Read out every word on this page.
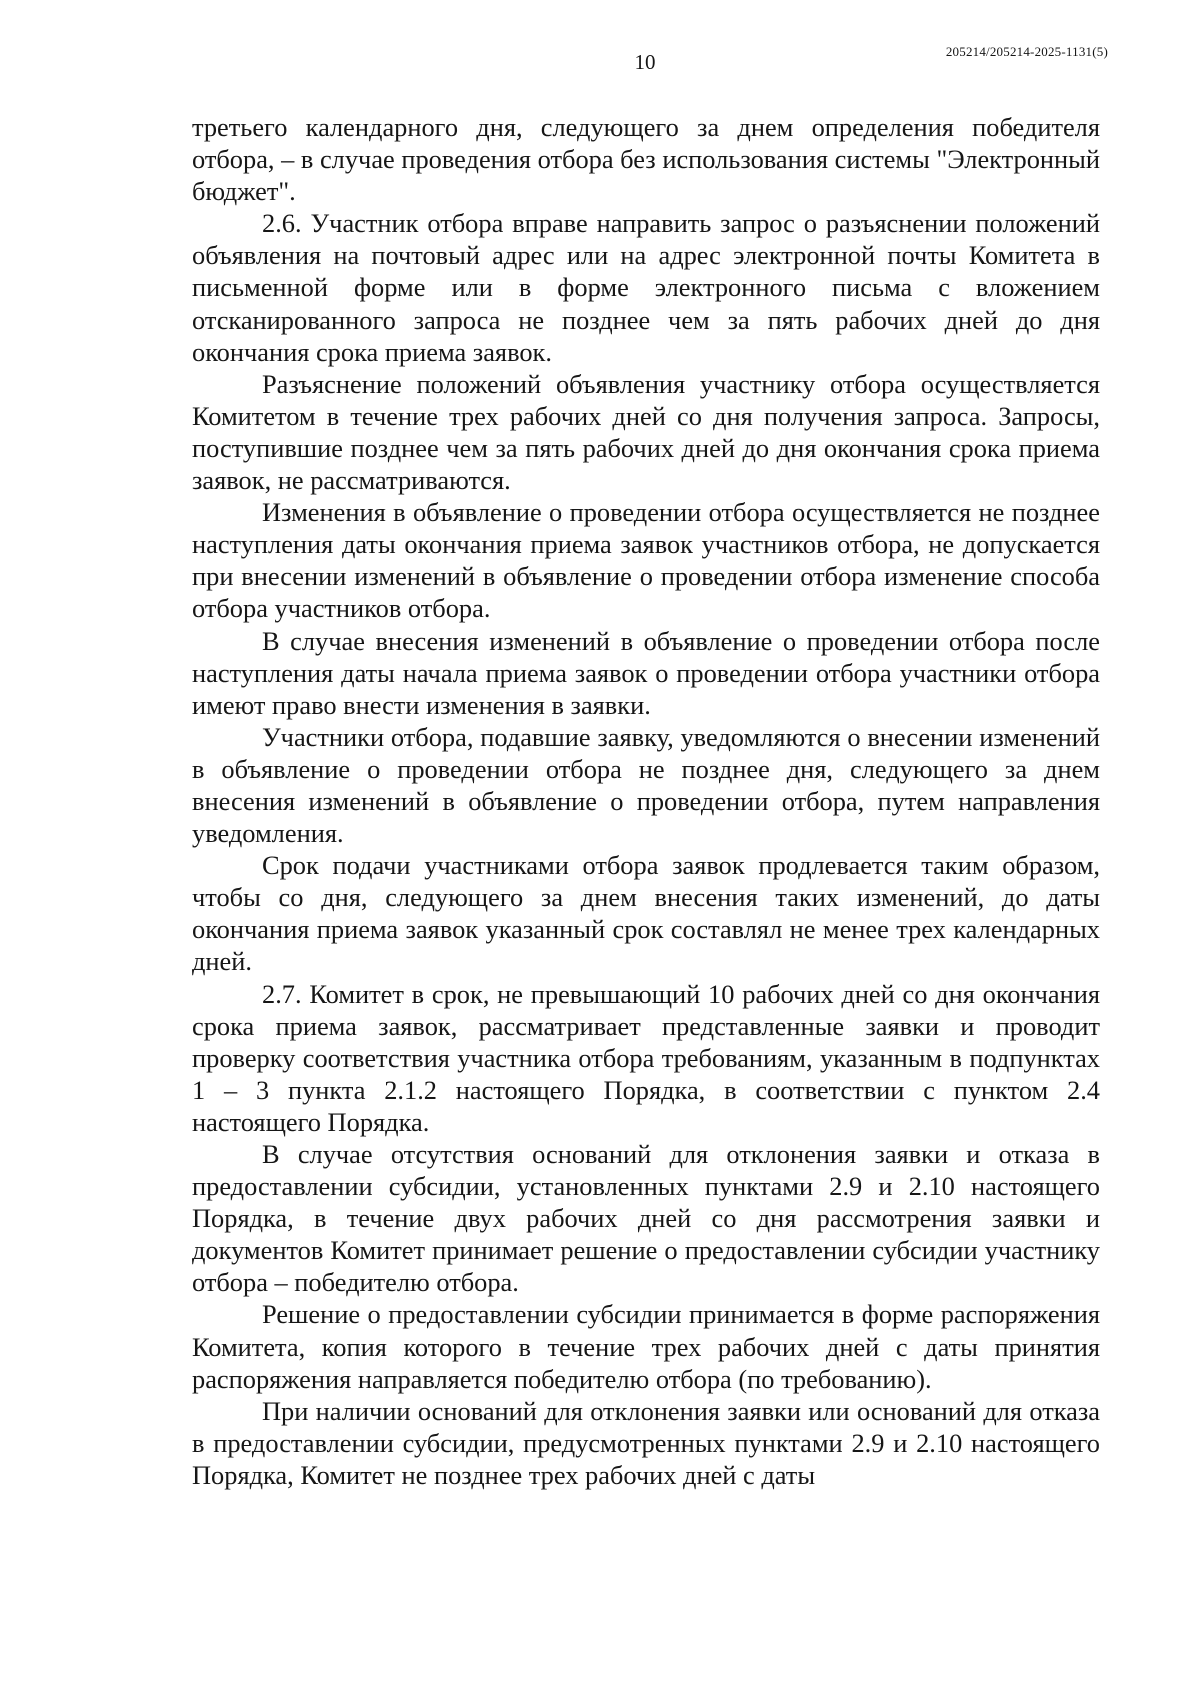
10	205214/205214-2025-1131(5)

третьего календарного дня, следующего за днем определения победителя отбора, – в случае проведения отбора без использования системы "Электронный бюджет".

2.6. Участник отбора вправе направить запрос о разъяснении положений объявления на почтовый адрес или на адрес электронной почты Комитета в письменной форме или в форме электронного письма с вложением отсканированного запроса не позднее чем за пять рабочих дней до дня окончания срока приема заявок.

Разъяснение положений объявления участнику отбора осуществляется Комитетом в течение трех рабочих дней со дня получения запроса. Запросы, поступившие позднее чем за пять рабочих дней до дня окончания срока приема заявок, не рассматриваются.

Изменения в объявление о проведении отбора осуществляется не позднее наступления даты окончания приема заявок участников отбора, не допускается при внесении изменений в объявление о проведении отбора изменение способа отбора участников отбора.

В случае внесения изменений в объявление о проведении отбора после наступления даты начала приема заявок о проведении отбора участники отбора имеют право внести изменения в заявки.

Участники отбора, подавшие заявку, уведомляются о внесении изменений в объявление о проведении отбора не позднее дня, следующего за днем внесения изменений в объявление о проведении отбора, путем направления уведомления.

Срок подачи участниками отбора заявок продлевается таким образом, чтобы со дня, следующего за днем внесения таких изменений, до даты окончания приема заявок указанный срок составлял не менее трех календарных дней.

2.7. Комитет в срок, не превышающий 10 рабочих дней со дня окончания срока приема заявок, рассматривает представленные заявки и проводит проверку соответствия участника отбора требованиям, указанным в подпунктах 1 – 3 пункта 2.1.2 настоящего Порядка, в соответствии с пунктом 2.4 настоящего Порядка.

В случае отсутствия оснований для отклонения заявки и отказа в предоставлении субсидии, установленных пунктами 2.9 и 2.10 настоящего Порядка, в течение двух рабочих дней со дня рассмотрения заявки и документов Комитет принимает решение о предоставлении субсидии участнику отбора – победителю отбора.

Решение о предоставлении субсидии принимается в форме распоряжения Комитета, копия которого в течение трех рабочих дней с даты принятия распоряжения направляется победителю отбора (по требованию).

При наличии оснований для отклонения заявки или оснований для отказа в предоставлении субсидии, предусмотренных пунктами 2.9 и 2.10 настоящего Порядка, Комитет не позднее трех рабочих дней с даты
